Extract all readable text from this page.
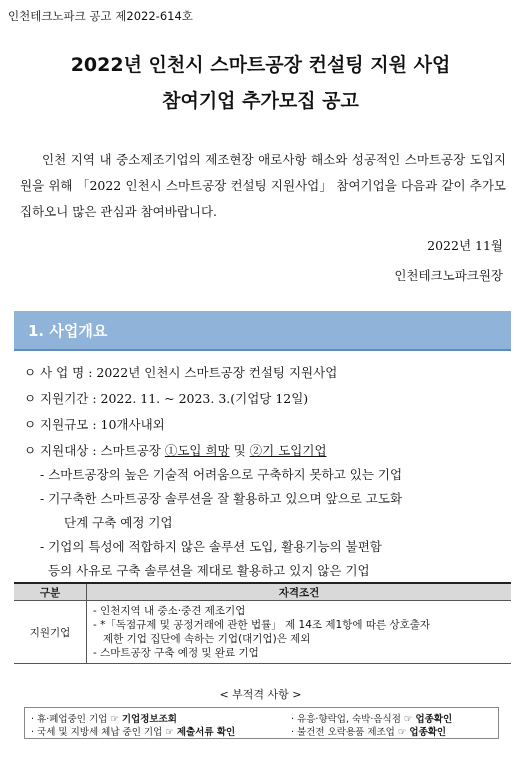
인천테크노파크 공고 제2022-614호
2022년 인천시 스마트공장 컨설팅 지원 사업
참여기업 추가모집 공고
인천 지역 내 중소제조기업의 제조현장 애로사항 해소와 성공적인 스마트공장 도입지원을 위해 「2022 인천시 스마트공장 컨설팅 지원사업」 참여기업을 다음과 같이 추가모집하오니 많은 관심과 참여바랍니다.
2022년 11월
인천테크노파크원장
1. 사업개요
ㅇ 사 업 명 : 2022년 인천시 스마트공장 컨설팅 지원사업
ㅇ 지원기간 : 2022. 11. ~ 2023. 3.(기업당 12일)
ㅇ 지원규모 : 10개사내외
ㅇ 지원대상 : 스마트공장 ①도입 희망 및 ②기 도입기업
- 스마트공장의 높은 기술적 어려움으로 구축하지 못하고 있는 기업
- 기구축한 스마트공장 솔루션을 잘 활용하고 있으며 앞으로 고도화
단계 구축 예정 기업
- 기업의 특성에 적합하지 않은 솔루션 도입, 활용기능의 불편함
등의 사유로 구축 솔루션을 제대로 활용하고 있지 않은 기업
구분	자격조건
지원기업	- 인천지역 내 중소·중견 제조기업
- *「독점규제 및 공정거래에 관한 법률」 제 14조 제1항에 따른 상호출자
제한 기업 집단에 속하는 기업(대기업)은 제외
- 스마트공장 구축 예정 및 완료 기업
< 부적격 사항 >
· 휴·폐업중인 기업 ☞ 기업정보조회	· 유흥·향락업, 숙박·음식점 ☞ 업종확인
· 국세 및 지방세 체납 중인 기업 ☞ 제출서류 확인	· 불건전 오락용품 제조업 ☞ 업종확인
